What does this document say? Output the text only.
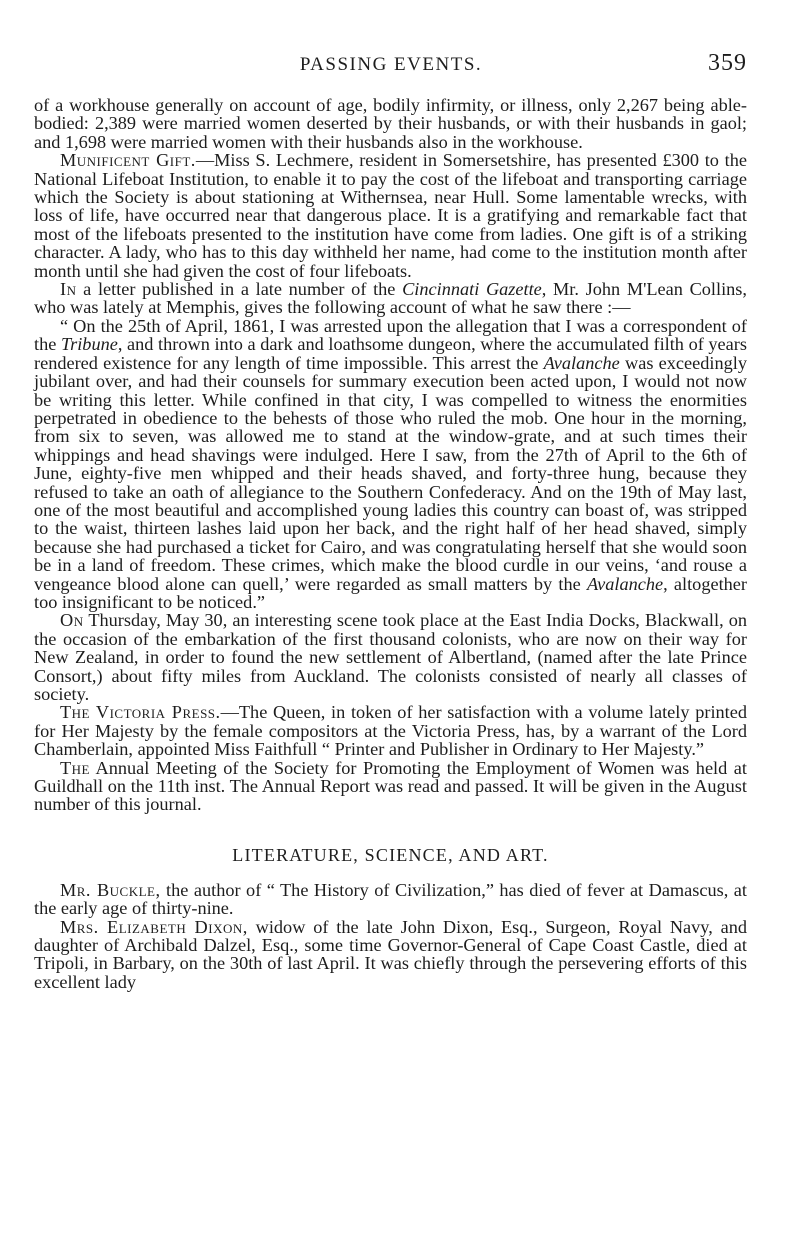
PASSING EVENTS.	359

of a workhouse generally on account of age, bodily infirmity, or illness, only 2,267 being able-bodied: 2,389 were married women deserted by their husbands, or with their husbands in gaol; and 1,698 were married women with their husbands also in the workhouse.

Munificent Gift.—Miss S. Lechmere, resident in Somersetshire, has presented £300 to the National Lifeboat Institution, to enable it to pay the cost of the lifeboat and transporting carriage which the Society is about stationing at Withernsea, near Hull. Some lamentable wrecks, with loss of life, have occurred near that dangerous place. It is a gratifying and remarkable fact that most of the lifeboats presented to the institution have come from ladies. One gift is of a striking character. A lady, who has to this day withheld her name, had come to the institution month after month until she had given the cost of four lifeboats.

In a letter published in a late number of the Cincinnati Gazette, Mr. John M'Lean Collins, who was lately at Memphis, gives the following account of what he saw there :—

“ On the 25th of April, 1861, I was arrested upon the allegation that I was a correspondent of the Tribune, and thrown into a dark and loathsome dungeon, where the accumulated filth of years rendered existence for any length of time impossible. This arrest the Avalanche was exceedingly jubilant over, and had their counsels for summary execution been acted upon, I would not now be writing this letter. While confined in that city, I was compelled to witness the enormities perpetrated in obedience to the behests of those who ruled the mob. One hour in the morning, from six to seven, was allowed me to stand at the window-grate, and at such times their whippings and head shavings were indulged. Here I saw, from the 27th of April to the 6th of June, eighty-five men whipped and their heads shaved, and forty-three hung, because they refused to take an oath of allegiance to the Southern Confederacy. And on the 19th of May last, one of the most beautiful and accomplished young ladies this country can boast of, was stripped to the waist, thirteen lashes laid upon her back, and the right half of her head shaved, simply because she had purchased a ticket for Cairo, and was congratulating herself that she would soon be in a land of freedom. These crimes, which make the blood curdle in our veins, ‘and rouse a vengeance blood alone can quell,’ were regarded as small matters by the Avalanche, altogether too insignificant to be noticed.”

On Thursday, May 30, an interesting scene took place at the East India Docks, Blackwall, on the occasion of the embarkation of the first thousand colonists, who are now on their way for New Zealand, in order to found the new settlement of Albertland, (named after the late Prince Consort,) about fifty miles from Auckland. The colonists consisted of nearly all classes of society.

The Victoria Press.—The Queen, in token of her satisfaction with a volume lately printed for Her Majesty by the female compositors at the Victoria Press, has, by a warrant of the Lord Chamberlain, appointed Miss Faithfull “ Printer and Publisher in Ordinary to Her Majesty.”

The Annual Meeting of the Society for Promoting the Employment of Women was held at Guildhall on the 11th inst. The Annual Report was read and passed. It will be given in the August number of this journal.

LITERATURE, SCIENCE, AND ART.

Mr. Buckle, the author of “ The History of Civilization,” has died of fever at Damascus, at the early age of thirty-nine.

Mrs. Elizabeth Dixon, widow of the late John Dixon, Esq., Surgeon, Royal Navy, and daughter of Archibald Dalzel, Esq., some time Governor-General of Cape Coast Castle, died at Tripoli, in Barbary, on the 30th of last April. It was chiefly through the persevering efforts of this excellent lady
